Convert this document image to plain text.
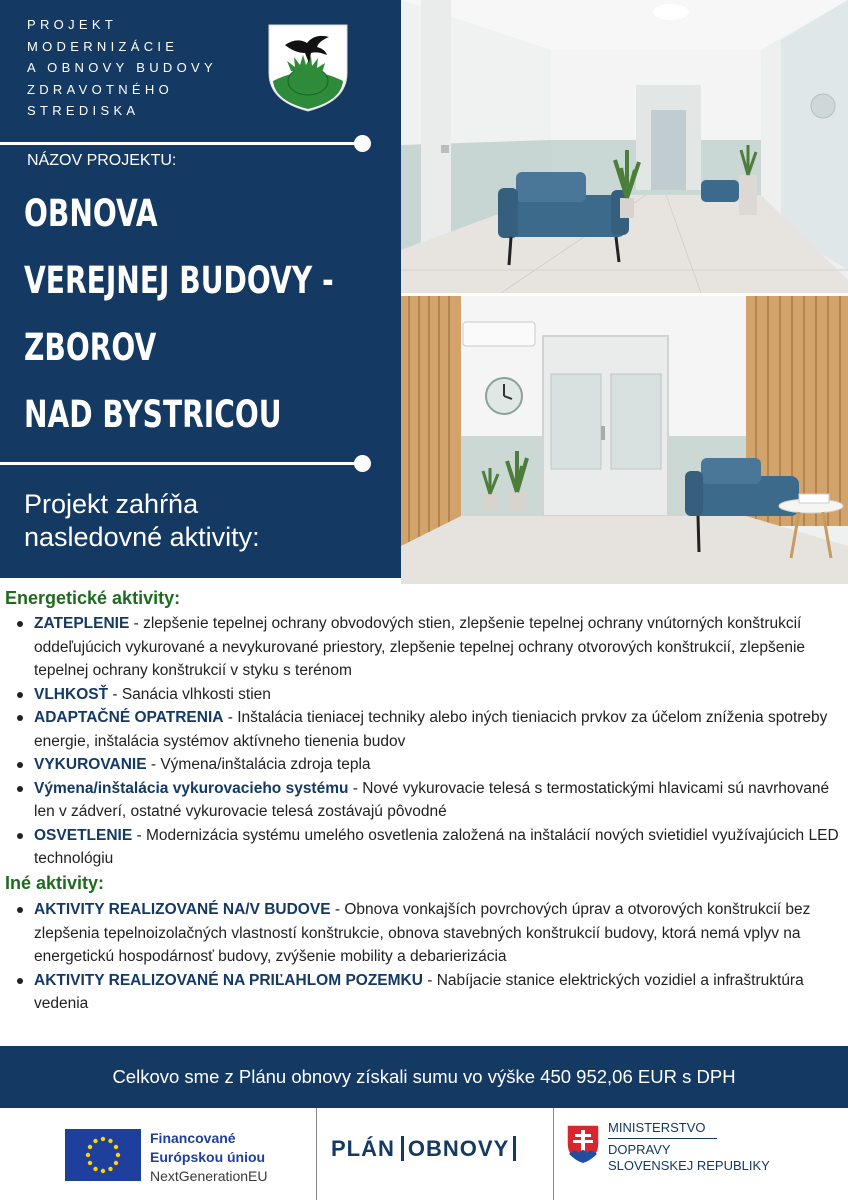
PROJEKT
MODERNIZÁCIE
A OBNOVY BUDOVY
ZDRAVOTNÉHO
STREDISKA
NÁZOV PROJEKTU:
OBNOVA
VEREJNEJ BUDOVY -
ZBOROV
NAD BYSTRICOU
Projekt zahŕňa
nasledovné aktivity:
Energetické aktivity:
ZATEPLENIE - zlepšenie tepelnej ochrany obvodových stien, zlepšenie tepelnej ochrany vnútorných konštrukcií oddeľujúcich vykurované a nevykurované priestory, zlepšenie tepelnej ochrany otvorových konštrukcií, zlepšenie tepelnej ochrany konštrukcií v styku s terénom
VLHKOSŤ - Sanácia vlhkosti stien
ADAPTAČNÉ OPATRENIA - Inštalácia tieniacej techniky alebo iných tieniacich prvkov za účelom zníženia spotreby energie, inštalácia systémov aktívneho tienenia budov
VYKUROVANIE - Výmena/inštalácia zdroja tepla
Výmena/inštalácia vykurovacieho systému - Nové vykurovacie telesá s termostatickými hlavicami sú navrhované len v zádverí, ostatné vykurovacie telesá zostávajú pôvodné
OSVETLENIE - Modernizácia systému umelého osvetlenia založená na inštalácií nových svietidiel využívajúcich LED technológiu
Iné aktivity:
AKTIVITY REALIZOVANÉ NA/V BUDOVE - Obnova vonkajších povrchových úprav a otvorových konštrukcií bez zlepšenia tepelnoizolačných vlastností konštrukcie, obnova stavebných konštrukcií budovy, ktorá nemá vplyv na energetickú hospodárnosť budovy, zvýšenie mobility a debarierizácia
AKTIVITY REALIZOVANÉ NA PRIĽAHLOM POZEMKU - Nabíjacie stanice elektrických vozidiel a infraštruktúra vedenia
Celkovo sme z Plánu obnovy získali sumu vo výške 450 952,06 EUR s DPH
Financované
Európskou úniou
NextGenerationEU
PLÁN OBNOVY
MINISTERSTVO
DOPRAVY
SLOVENSKEJ REPUBLIKY
